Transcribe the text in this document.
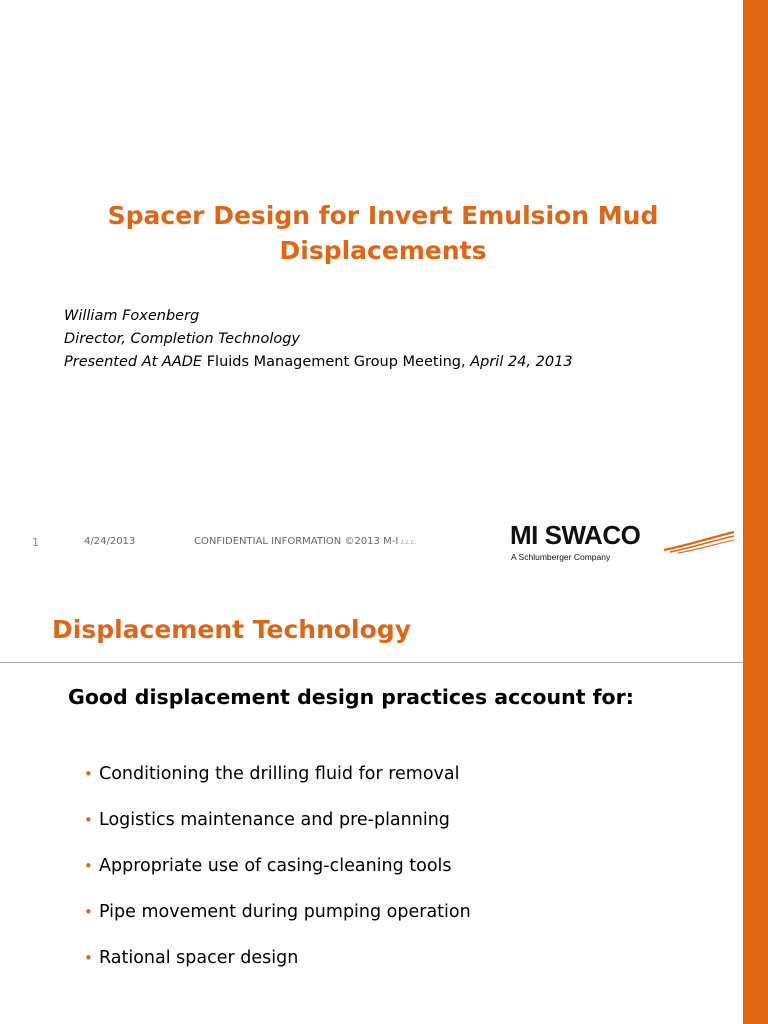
Spacer Design for Invert Emulsion Mud
Displacements
William Foxenberg
Director, Completion Technology
Presented At AADE Fluids Management Group Meeting, April 24, 2013
1	4/24/2013	CONFIDENTIAL INFORMATION ©2013 M-I L.L.C.	MI SWACO
A Schlumberger Company
Displacement Technology
Good displacement design practices account for:
• Conditioning the drilling fluid for removal
• Logistics maintenance and pre-planning
• Appropriate use of casing-cleaning tools
• Pipe movement during pumping operation
• Rational spacer design
